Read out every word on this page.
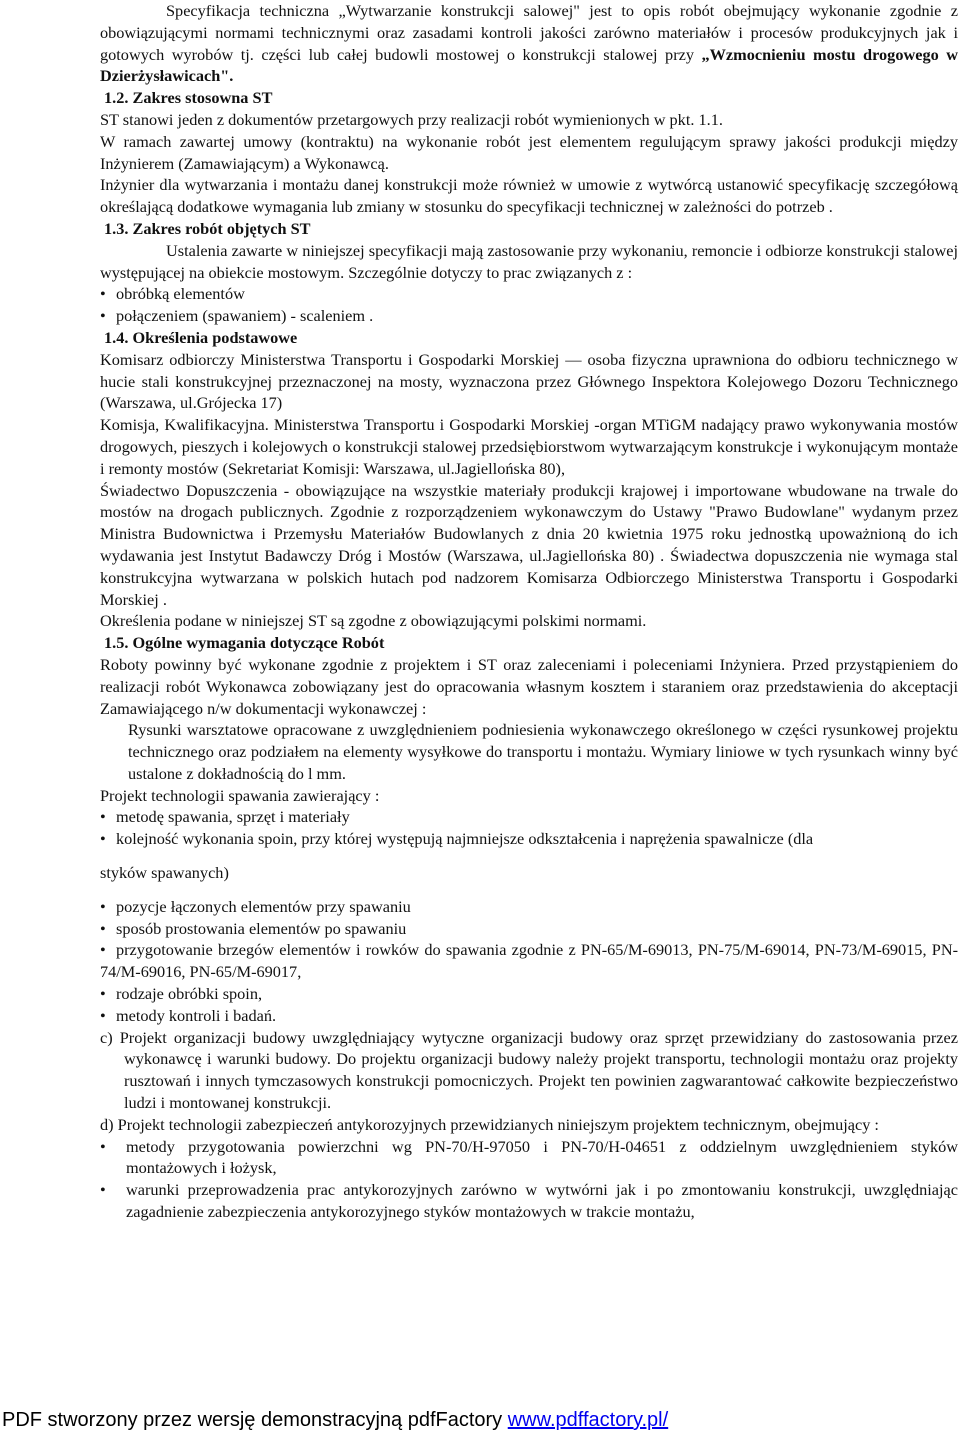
Specyfikacja techniczna „Wytwarzanie konstrukcji salowej" jest to opis robót obejmujący wykonanie zgodnie z obowiązującymi normami technicznymi oraz zasadami kontroli jakości zarówno materiałów i procesów produkcyjnych jak i gotowych wyrobów tj. części lub całej budowli mostowej o konstrukcji stalowej przy „Wzmocnieniu mostu drogowego w Dzierżysławicach".

1.2. Zakres stosowna ST

ST stanowi jeden z dokumentów przetargowych przy realizacji robót wymienionych w pkt. 1.1.

W ramach zawartej umowy (kontraktu) na wykonanie robót jest elementem regulującym sprawy jakości produkcji między Inżynierem (Zamawiającym) a Wykonawcą.

Inżynier dla wytwarzania i montażu danej konstrukcji może również w umowie z wytwórcą ustanowić specyfikację szczegółową określającą dodatkowe wymagania lub zmiany w stosunku do specyfikacji technicznej w zależności do potrzeb .

1.3. Zakres robót objętych ST

Ustalenia zawarte w niniejszej specyfikacji mają zastosowanie przy wykonaniu, remoncie i odbiorze konstrukcji stalowej występującej na obiekcie mostowym. Szczególnie dotyczy to prac związanych z :

• obróbką elementów

• połączeniem (spawaniem) - scaleniem .

1.4. Określenia podstawowe

Komisarz odbiorczy Ministerstwa Transportu i Gospodarki Morskiej — osoba fizyczna uprawniona do odbioru technicznego w hucie stali konstrukcyjnej przeznaczonej na mosty, wyznaczona przez Głównego Inspektora Kolejowego Dozoru Technicznego (Warszawa, ul.Grójecka 17)

Komisja, Kwalifikacyjna. Ministerstwa Transportu i Gospodarki Morskiej -organ MTiGM nadający prawo wykonywania mostów drogowych, pieszych i kolejowych o konstrukcji stalowej przedsiębiorstwom wytwarzającym konstrukcje i wykonującym montaże i remonty mostów (Sekretariat Komisji: Warszawa, ul.Jagiellońska 80),

Świadectwo Dopuszczenia - obowiązujące na wszystkie materiały produkcji krajowej i importowane wbudowane na trwale do mostów na drogach publicznych. Zgodnie z rozporządzeniem wykonawczym do Ustawy "Prawo Budowlane" wydanym przez Ministra Budownictwa i Przemysłu Materiałów Budowlanych z dnia 20 kwietnia 1975 roku jednostką upoważnioną do ich wydawania jest Instytut Badawczy Dróg i Mostów (Warszawa, ul.Jagiellońska 80) . Świadectwa dopuszczenia nie wymaga stal konstrukcyjna wytwarzana w polskich hutach pod nadzorem Komisarza Odbiorczego Ministerstwa Transportu i Gospodarki Morskiej .

Określenia podane w niniejszej ST są zgodne z obowiązującymi polskimi normami.

1.5. Ogólne wymagania dotyczące Robót

Roboty powinny być wykonane zgodnie z projektem i ST oraz zaleceniami i poleceniami Inżyniera. Przed przystąpieniem do realizacji robót Wykonawca zobowiązany jest do opracowania własnym kosztem i staraniem oraz przedstawienia do akceptacji Zamawiającego n/w dokumentacji wykonawczej :

Rysunki warsztatowe opracowane z uwzględnieniem podniesienia wykonawczego określonego w części rysunkowej projektu technicznego oraz podziałem na elementy wysyłkowe do transportu i montażu. Wymiary liniowe w tych rysunkach winny być ustalone z dokładnością do l mm.

Projekt technologii spawania zawierający :

• metodę spawania, sprzęt i materiały

• kolejność wykonania spoin, przy której występują najmniejsze odkształcenia i naprężenia spawalnicze (dla

styków spawanych)

• pozycje łączonych elementów przy spawaniu

• sposób prostowania elementów po spawaniu

• przygotowanie brzegów elementów i rowków do spawania zgodnie z PN-65/M-69013, PN-75/M-69014, PN-73/M-69015, PN-74/M-69016, PN-65/M-69017,

• rodzaje obróbki spoin,

• metody kontroli i badań.

c) Projekt organizacji budowy uwzględniający wytyczne organizacji budowy oraz sprzęt przewidziany do zastosowania przez wykonawcę i warunki budowy. Do projektu organizacji budowy należy projekt transportu, technologii montażu oraz projekty rusztowań i innych tymczasowych konstrukcji pomocniczych. Projekt ten powinien zagwarantować całkowite bezpieczeństwo ludzi i montowanej konstrukcji.

d) Projekt technologii zabezpieczeń antykorozyjnych przewidzianych niniejszym projektem technicznym, obejmujący :

• metody przygotowania powierzchni wg PN-70/H-97050 i PN-70/H-04651 z oddzielnym uwzględnieniem styków montażowych i łożysk,

• warunki przeprowadzenia prac antykorozyjnych zarówno w wytwórni jak i po zmontowaniu konstrukcji, uwzględniając zagadnienie zabezpieczenia antykorozyjnego styków montażowych w trakcie montażu,

PDF stworzony przez wersję demonstracyjną pdfFactory www.pdffactory.pl/
